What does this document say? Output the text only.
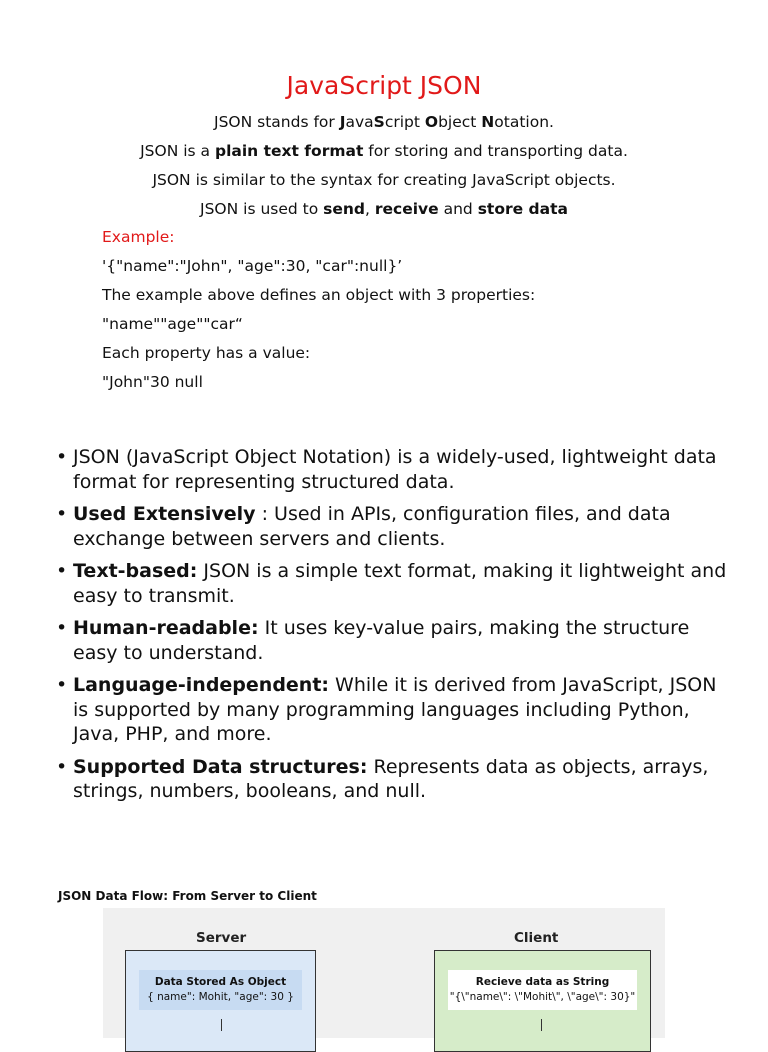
JavaScript JSON
JSON stands for JavaScript Object Notation.
JSON is a plain text format for storing and transporting data.
JSON is similar to the syntax for creating JavaScript objects.
JSON is used to send, receive and store data
Example:
'{"name":"John", "age":30, "car":null}’
The example above defines an object with 3 properties:
"name""age""car“
Each property has a value:
"John"30 null
• JSON (JavaScript Object Notation) is a widely-used, lightweight data format for representing structured data.
• Used Extensively : Used in APIs, configuration files, and data exchange between servers and clients.
• Text-based: JSON is a simple text format, making it lightweight and easy to transmit.
• Human-readable: It uses key-value pairs, making the structure easy to understand.
• Language-independent: While it is derived from JavaScript, JSON is supported by many programming languages including Python, Java, PHP, and more.
• Supported Data structures: Represents data as objects, arrays, strings, numbers, booleans, and null.
JSON Data Flow: From Server to Client
Server	Client
Data Stored As Object
{ name": Mohit, "age": 30 }
Recieve data as String
"{\"name\": \"Mohit\", \"age\": 30}"
